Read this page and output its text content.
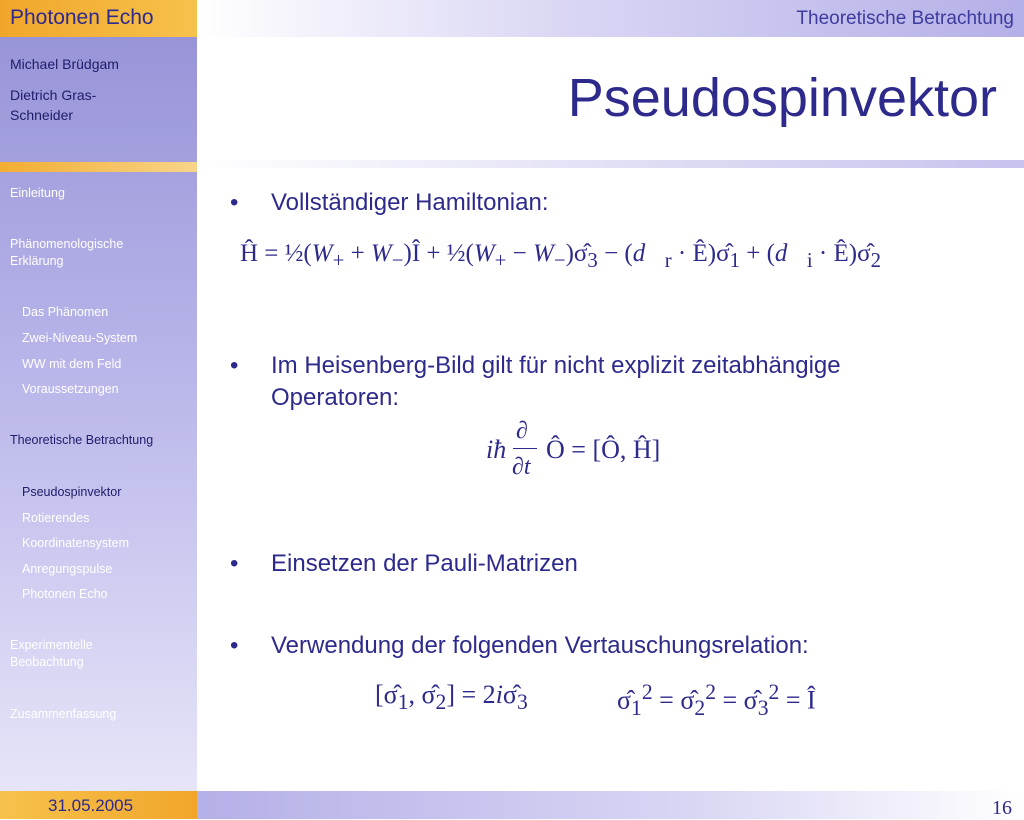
Photonen Echo	Theoretische Betrachtung
Michael Brüdgam
Dietrich Gras-
Schneider
Einleitung
Phänomenologische
Erklärung
Das Phänomen
Zwei-Niveau-System
WW mit dem Feld
Voraussetzungen
Theoretische Betrachtung
Pseudospinvektor
Rotierendes
Koordinatensystem
Anregungspulse
Photonen Echo
Experimentelle
Beobachtung
Zusammenfassung
Pseudospinvektor
• Vollständiger Hamiltonian:
Ĥ = $\frac{1}{2}(W_+$ + $W_-)Î$ + $\frac{1}{2}(W_+$ − $W_-)\sigmâ_3$ − ($d⃗_r$ · $Ê)\sigmâ_1$ + ($d⃗_i$ · $Ê)\sigmâ_2$
• Im Heisenberg-Bild gilt für nicht explizit zeitabhängige Operatoren:
iħ
∂
∂t
Ô = [Ô, Ĥ]
• Einsetzen der Pauli-Matrizen
• Verwendung der folgenden Vertauschungsrelation:
[$\sigmâ_1$, $\sigmâ_2$] = $2i\sigmâ_3$	$\sigmâ_1^2$ = $\sigmâ_2^2$ = $\sigmâ_3^2$ = Î
31.05.2005	16
